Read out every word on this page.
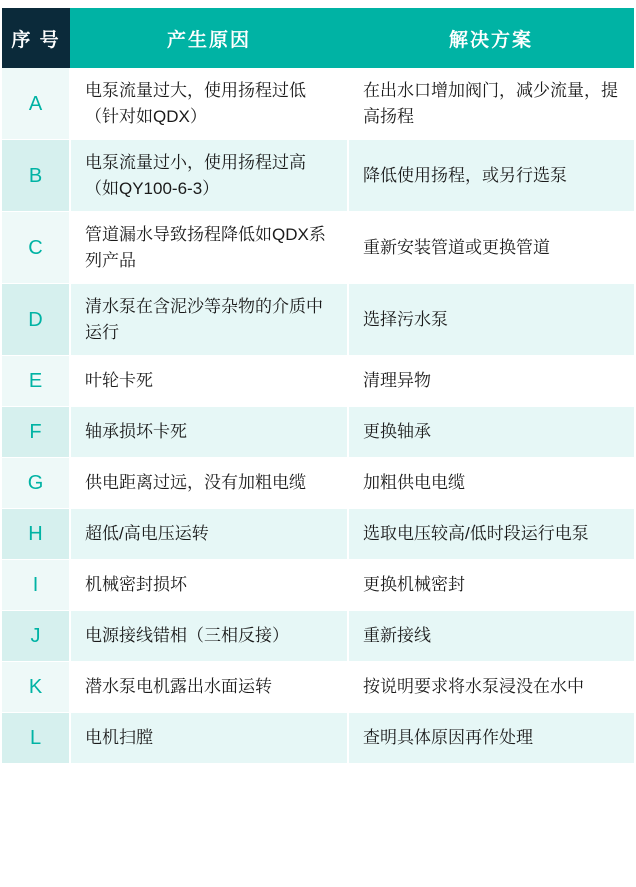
序 号	产生原因	解决方案
A	电泵流量过大，使用扬程过低（针对如QDX）	在出水口增加阀门，减少流量，提高扬程

B	电泵流量过小，使用扬程过高（如QY100-6-3）	降低使用扬程，或另行选泵

C	管道漏水导致扬程降低如QDX系列产品	重新安装管道或更换管道

D	清水泵在含泥沙等杂物的介质中运行	选择污水泵

E	叶轮卡死	清理异物

F	轴承损坏卡死	更换轴承

G	供电距离过远，没有加粗电缆	加粗供电电缆

H	超低/高电压运转	选取电压较高/低时段运行电泵

I	机械密封损坏	更换机械密封

J	电源接线错相（三相反接）	重新接线

K	潜水泵电机露出水面运转	按说明要求将水泵浸没在水中

L	电机扫膛	查明具体原因再作处理
